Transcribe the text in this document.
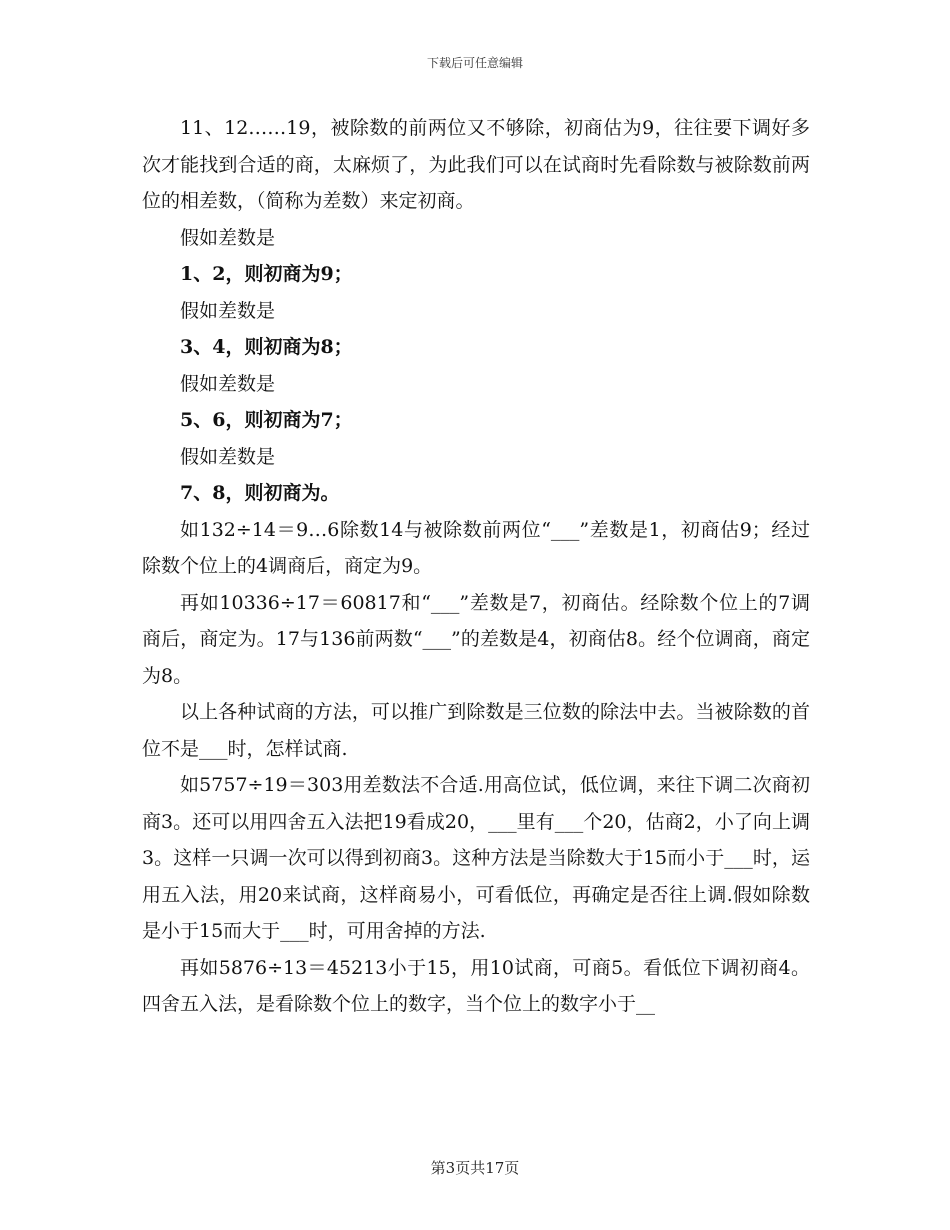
下载后可任意编辑

11、12……19，被除数的前两位又不够除，初商估为9，往往要下调好多次才能找到合适的商，太麻烦了，为此我们可以在试商时先看除数与被除数前两位的相差数，（简称为差数）来定初商。

假如差数是

1、2，则初商为9；

假如差数是

3、4，则初商为8；

假如差数是

5、6，则初商为7；

假如差数是

7、8，则初商为。

如132÷14＝9…6除数14与被除数前两位“___”差数是1，初商估9；经过除数个位上的4调商后，商定为9。

再如10336÷17＝60817和“___”差数是7，初商估。经除数个位上的7调商后，商定为。17与136前两数“___”的差数是4，初商估8。经个位调商，商定为8。

以上各种试商的方法，可以推广到除数是三位数的除法中去。当被除数的首位不是___时，怎样试商.

如5757÷19＝303用差数法不合适.用高位试，低位调，来往下调二次商初商3。还可以用四舍五入法把19看成20，___里有___个20，估商2，小了向上调3。这样一只调一次可以得到初商3。这种方法是当除数大于15而小于___时，运用五入法，用20来试商，这样商易小，可看低位，再确定是否往上调.假如除数是小于15而大于___时，可用舍掉的方法.

再如5876÷13＝45213小于15，用10试商，可商5。看低位下调初商4。四舍五入法，是看除数个位上的数字，当个位上的数字小于__

第3页共17页
